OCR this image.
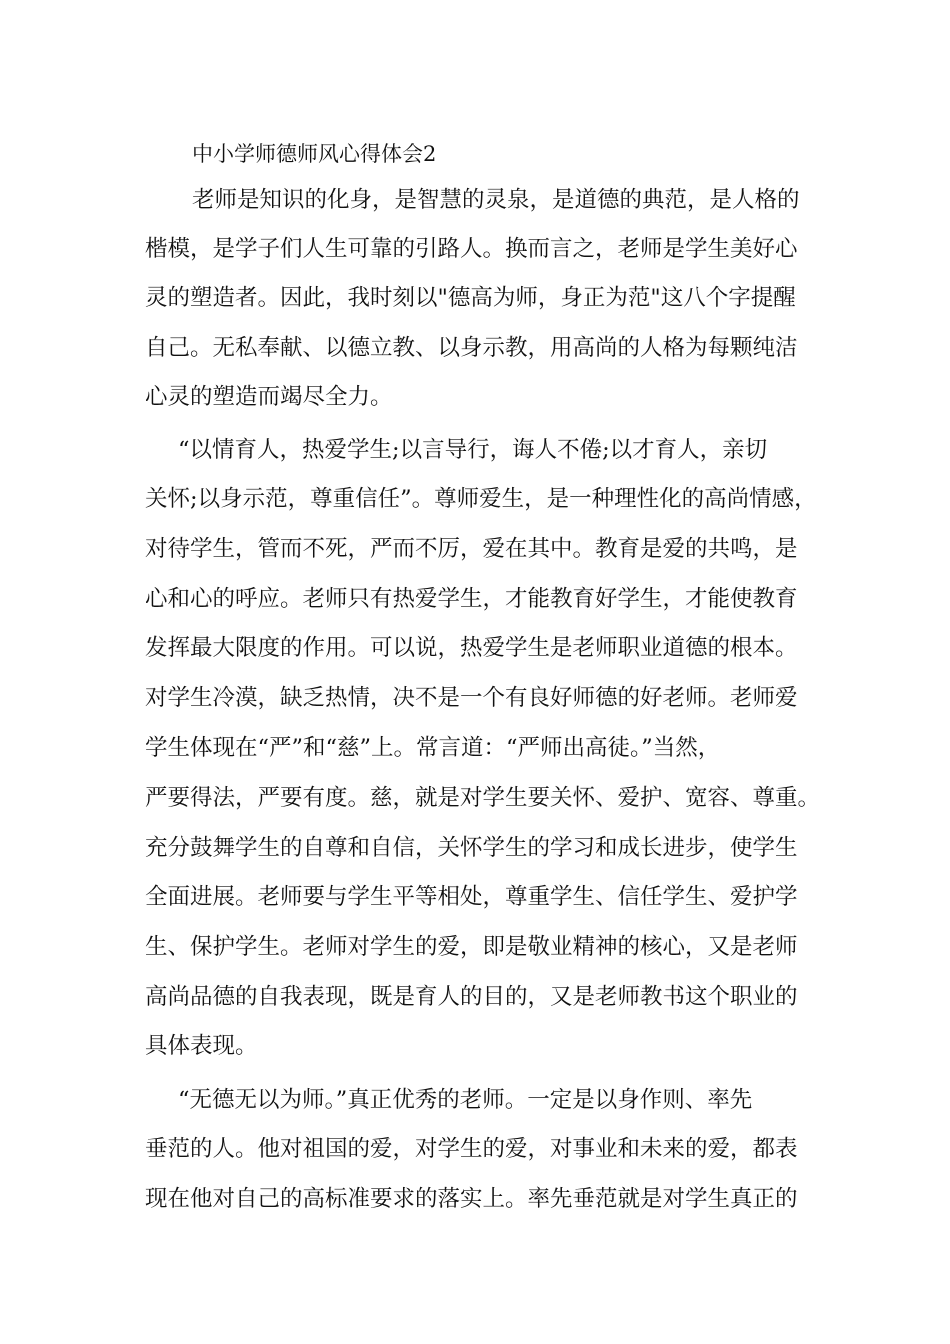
中小学师德师风心得体会2
老师是知识的化身，是智慧的灵泉，是道德的典范，是人格的
楷模，是学子们人生可靠的引路人。换而言之，老师是学生美好心
灵的塑造者。因此，我时刻以"德高为师，身正为范"这八个字提醒
自己。无私奉献、以德立教、以身示教，用高尚的人格为每颗纯洁
心灵的塑造而竭尽全力。
“以情育人，热爱学生;以言导行，诲人不倦;以才育人，亲切
关怀;以身示范，尊重信任”。尊师爱生，是一种理性化的高尚情感，
对待学生，管而不死，严而不厉，爱在其中。教育是爱的共鸣，是
心和心的呼应。老师只有热爱学生，才能教育好学生，才能使教育
发挥最大限度的作用。可以说，热爱学生是老师职业道德的根本。
对学生冷漠，缺乏热情，决不是一个有良好师德的好老师。老师爱
学生体现在“严”和“慈”上。常言道：“严师出高徒。”当然，
严要得法，严要有度。慈，就是对学生要关怀、爱护、宽容、尊重。
充分鼓舞学生的自尊和自信，关怀学生的学习和成长进步，使学生
全面进展。老师要与学生平等相处，尊重学生、信任学生、爱护学
生、保护学生。老师对学生的爱，即是敬业精神的核心，又是老师
高尚品德的自我表现，既是育人的目的，又是老师教书这个职业的
具体表现。
“无德无以为师。”真正优秀的老师。一定是以身作则、率先
垂范的人。他对祖国的爱，对学生的爱，对事业和未来的爱，都表
现在他对自己的高标准要求的落实上。率先垂范就是对学生真正的
